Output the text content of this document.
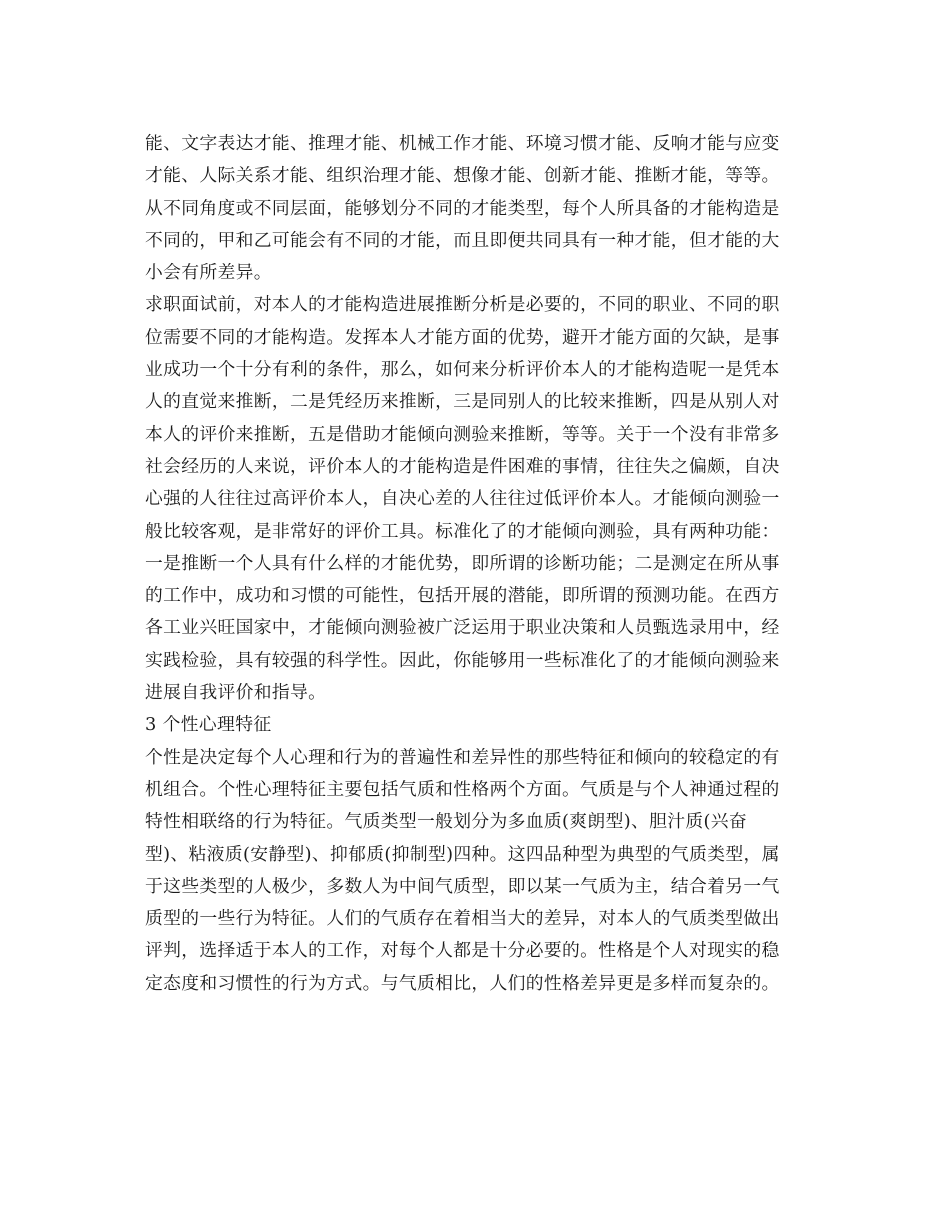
能、文字表达才能、推理才能、机械工作才能、环境习惯才能、反响才能与应变
才能、人际关系才能、组织治理才能、想像才能、创新才能、推断才能，等等。
从不同角度或不同层面，能够划分不同的才能类型，每个人所具备的才能构造是
不同的，甲和乙可能会有不同的才能，而且即便共同具有一种才能，但才能的大
小会有所差异。
求职面试前，对本人的才能构造进展推断分析是必要的，不同的职业、不同的职
位需要不同的才能构造。发挥本人才能方面的优势，避开才能方面的欠缺，是事
业成功一个十分有利的条件，那么，如何来分析评价本人的才能构造呢一是凭本
人的直觉来推断，二是凭经历来推断，三是同别人的比较来推断，四是从别人对
本人的评价来推断，五是借助才能倾向测验来推断，等等。关于一个没有非常多
社会经历的人来说，评价本人的才能构造是件困难的事情，往往失之偏颇，自决
心强的人往往过高评价本人，自决心差的人往往过低评价本人。才能倾向测验一
般比较客观，是非常好的评价工具。标准化了的才能倾向测验，具有两种功能：
一是推断一个人具有什么样的才能优势，即所谓的诊断功能；二是测定在所从事
的工作中，成功和习惯的可能性，包括开展的潜能，即所谓的预测功能。在西方
各工业兴旺国家中，才能倾向测验被广泛运用于职业决策和人员甄选录用中，经
实践检验，具有较强的科学性。因此，你能够用一些标准化了的才能倾向测验来
进展自我评价和指导。
3 个性心理特征
个性是决定每个人心理和行为的普遍性和差异性的那些特征和倾向的较稳定的有
机组合。个性心理特征主要包括气质和性格两个方面。气质是与个人神通过程的
特性相联络的行为特征。气质类型一般划分为多血质(爽朗型)、胆汁质(兴奋
型)、粘液质(安静型)、抑郁质(抑制型)四种。这四品种型为典型的气质类型，属
于这些类型的人极少，多数人为中间气质型，即以某一气质为主，结合着另一气
质型的一些行为特征。人们的气质存在着相当大的差异，对本人的气质类型做出
评判，选择适于本人的工作，对每个人都是十分必要的。性格是个人对现实的稳
定态度和习惯性的行为方式。与气质相比，人们的性格差异更是多样而复杂的。
